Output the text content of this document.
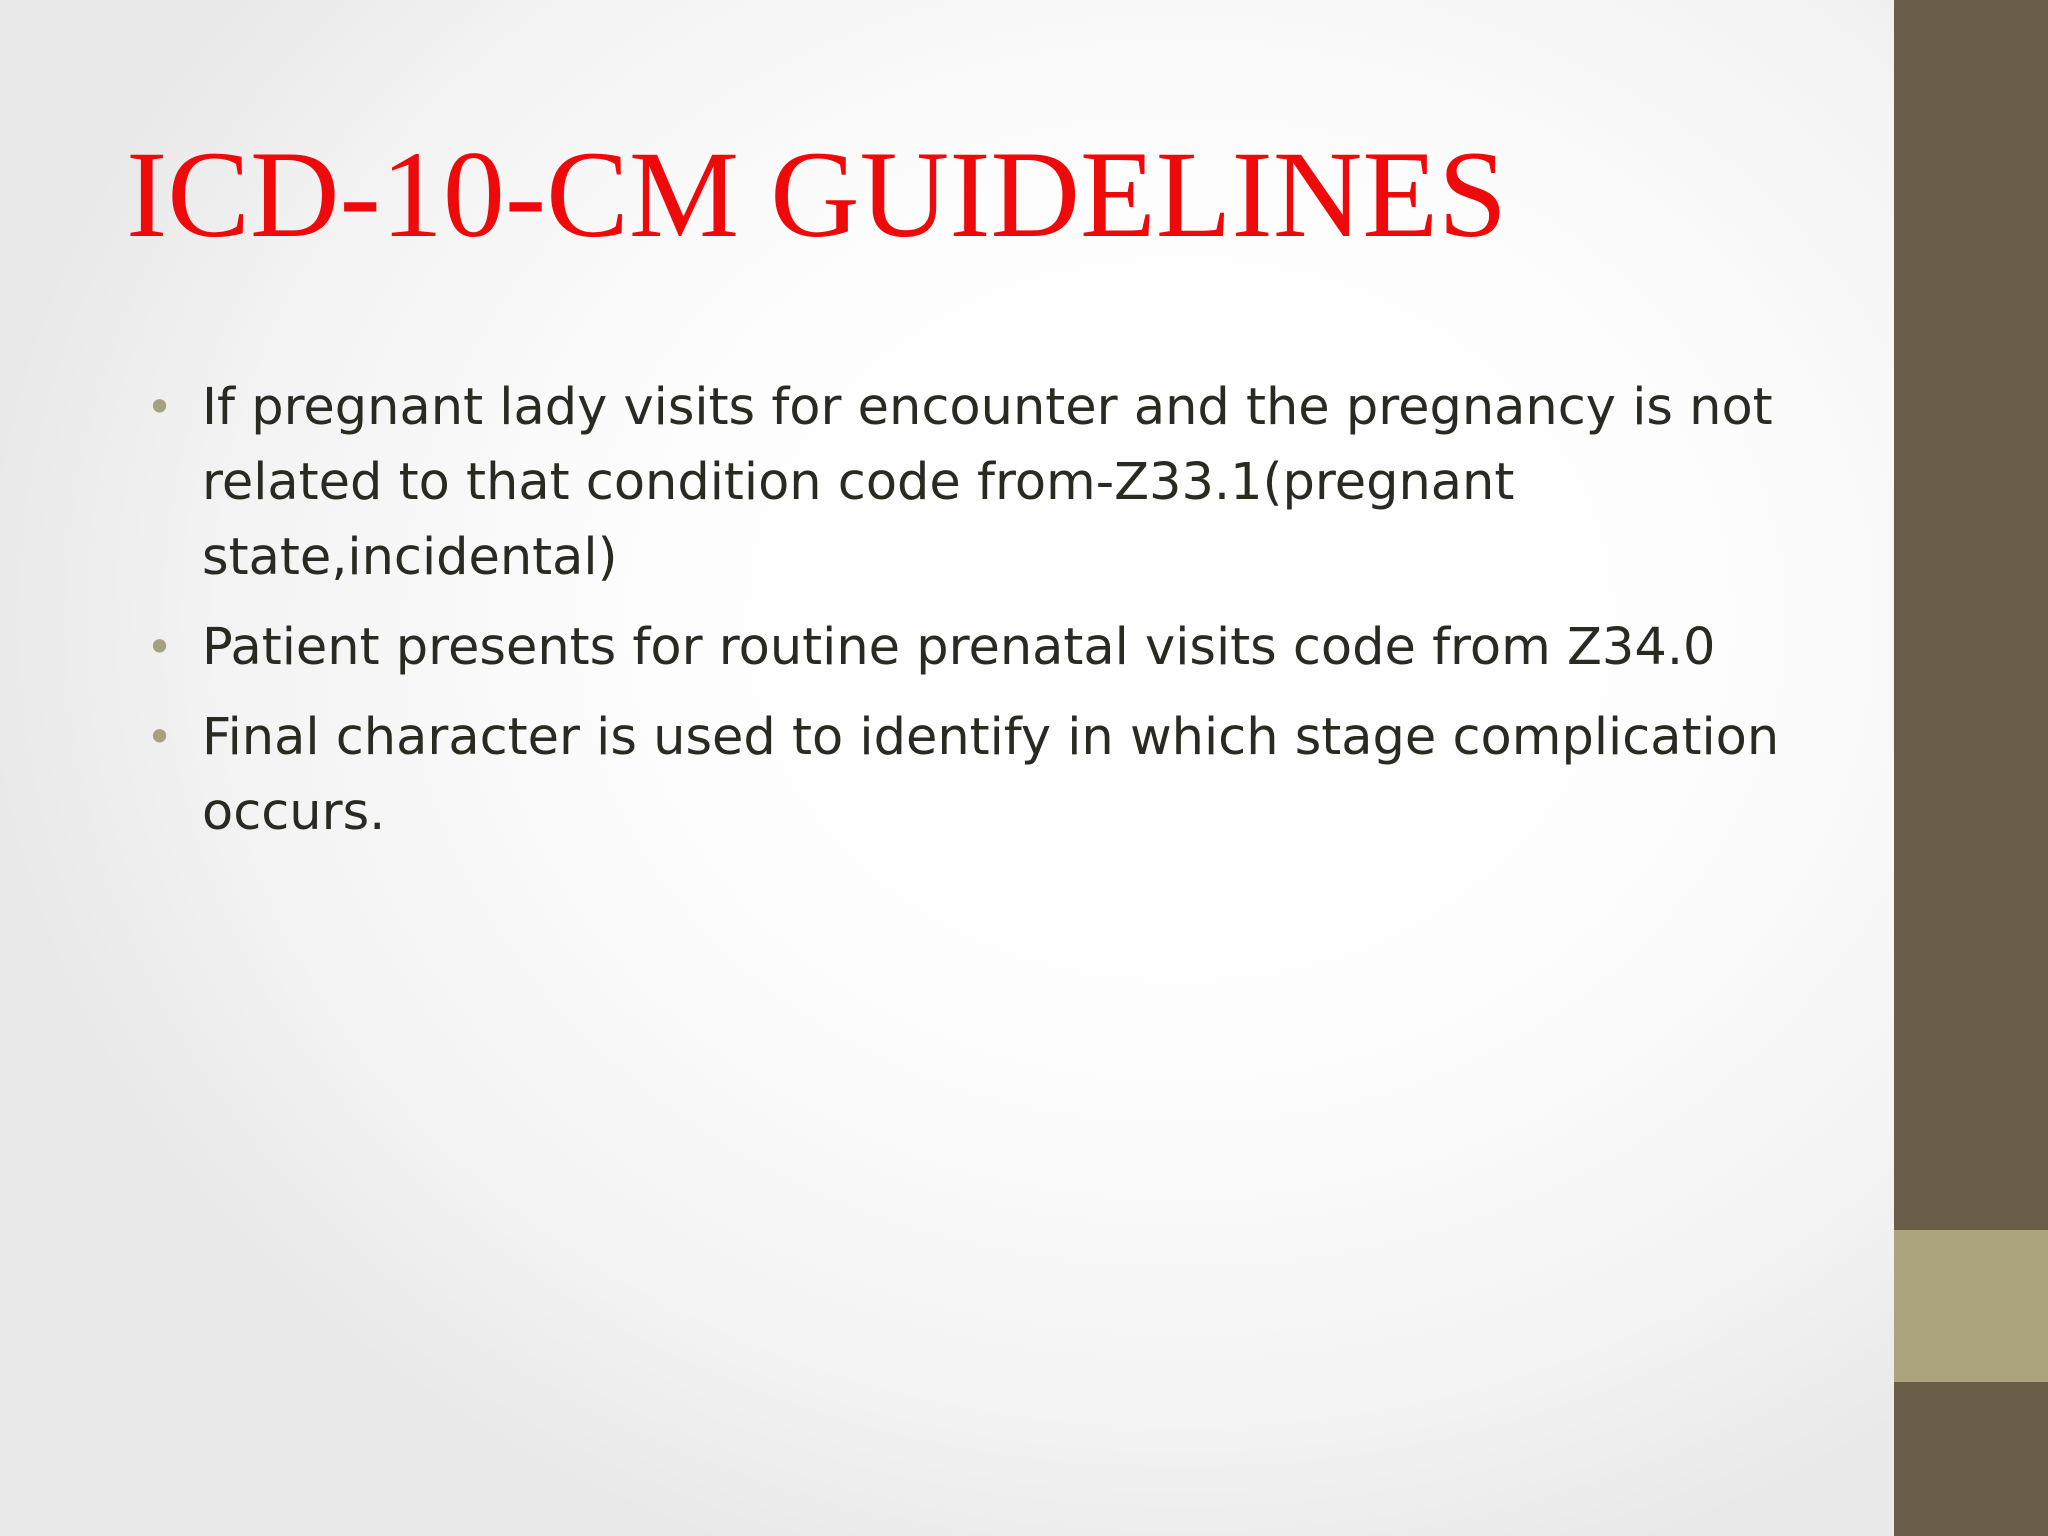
ICD-10-CM GUIDELINES
• If pregnant lady visits for encounter and the pregnancy is not related to that condition code from-Z33.1(pregnant state,incidental)
• Patient presents for routine prenatal visits code from Z34.0
• Final character is used to identify in which stage complication occurs.
